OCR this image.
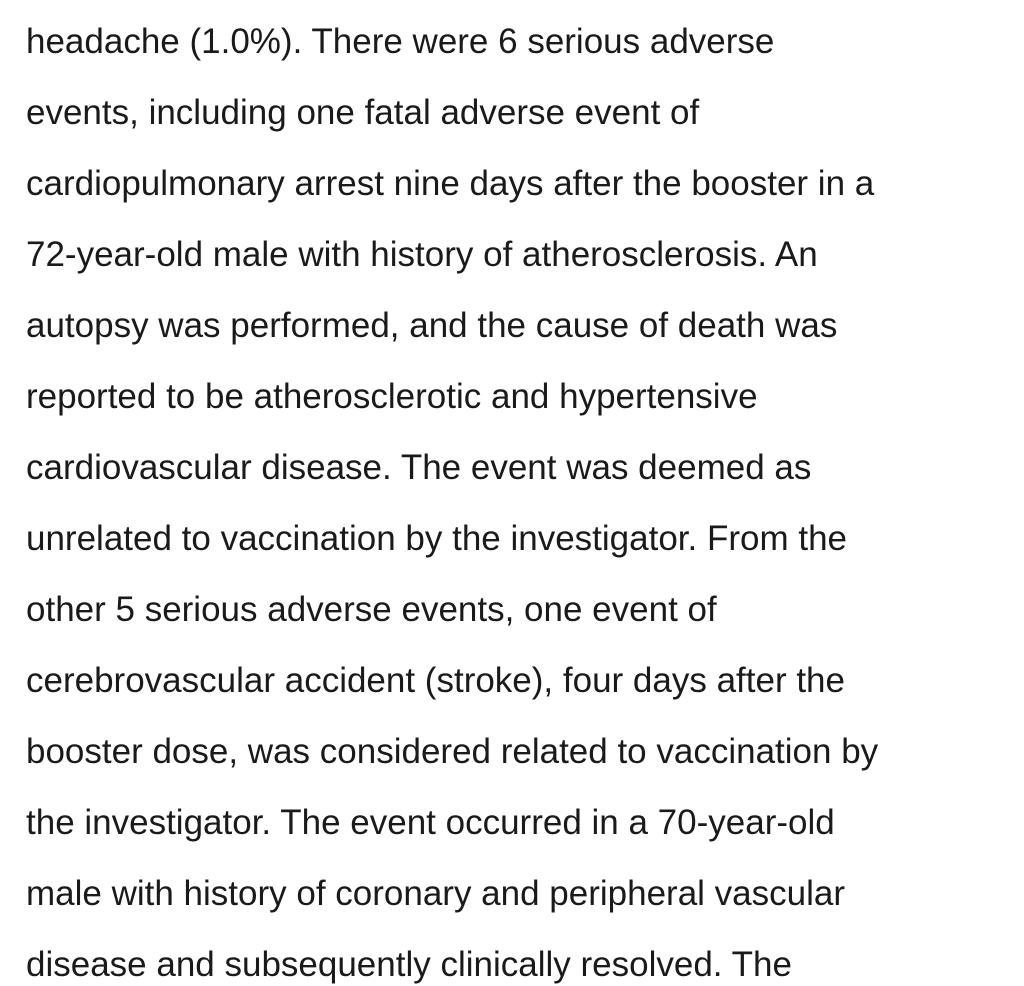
headache (1.0%). There were 6 serious adverse
events, including one fatal adverse event of
cardiopulmonary arrest nine days after the booster in a
72-year-old male with history of atherosclerosis. An
autopsy was performed, and the cause of death was
reported to be atherosclerotic and hypertensive
cardiovascular disease. The event was deemed as
unrelated to vaccination by the investigator. From the
other 5 serious adverse events, one event of
cerebrovascular accident (stroke), four days after the
booster dose, was considered related to vaccination by
the investigator. The event occurred in a 70-year-old
male with history of coronary and peripheral vascular
disease and subsequently clinically resolved. The
